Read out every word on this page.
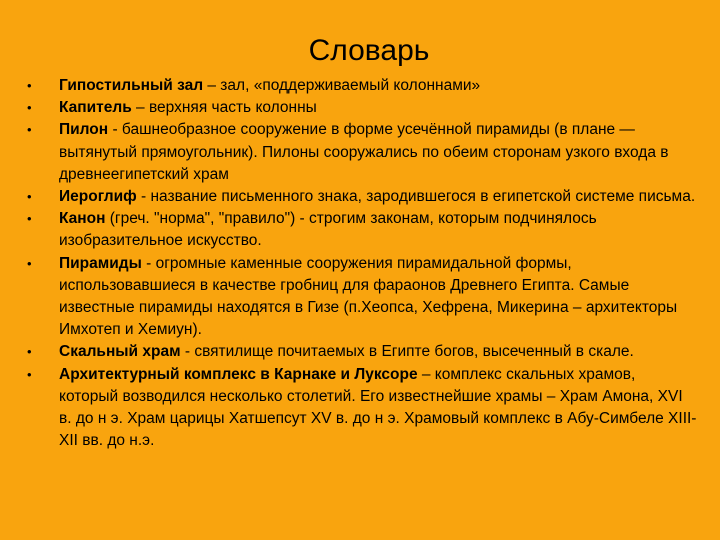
Словарь
•	Гипостильный зал – зал, «поддерживаемый колоннами»
•	Капитель – верхняя часть колонны
•	Пилон - башнеобразное сооружение в форме усечённой пирамиды (в плане — вытянутый прямоугольник). Пилоны сооружались по обеим сторонам узкого входа в древнеегипетский храм
•	Иероглиф - название письменного знака, зародившегося в египетской системе письма.
•	Канон (греч. "норма", "правило") - строгим законам, которым подчинялось изобразительное искусство.
•	Пирамиды - огромные каменные сооружения пирамидальной формы, использовавшиеся в качестве гробниц для фараонов Древнего Египта. Самые известные пирамиды находятся в Гизе (п.Хеопса, Хефрена, Микерина – архитекторы Имхотеп и Хемиун).
•	Скальный храм - святилище почитаемых в Египте богов, высеченный в скале.
•	Архитектурный комплекс в Карнаке и Луксоре – комплекс скальных храмов, который возводился несколько столетий. Его известнейшие храмы – Храм Амона, XVI в. до н э. Храм царицы Хатшепсут XV в. до н э. Храмовый комплекс в Абу-Симбеле XIII-XII вв. до н.э.
